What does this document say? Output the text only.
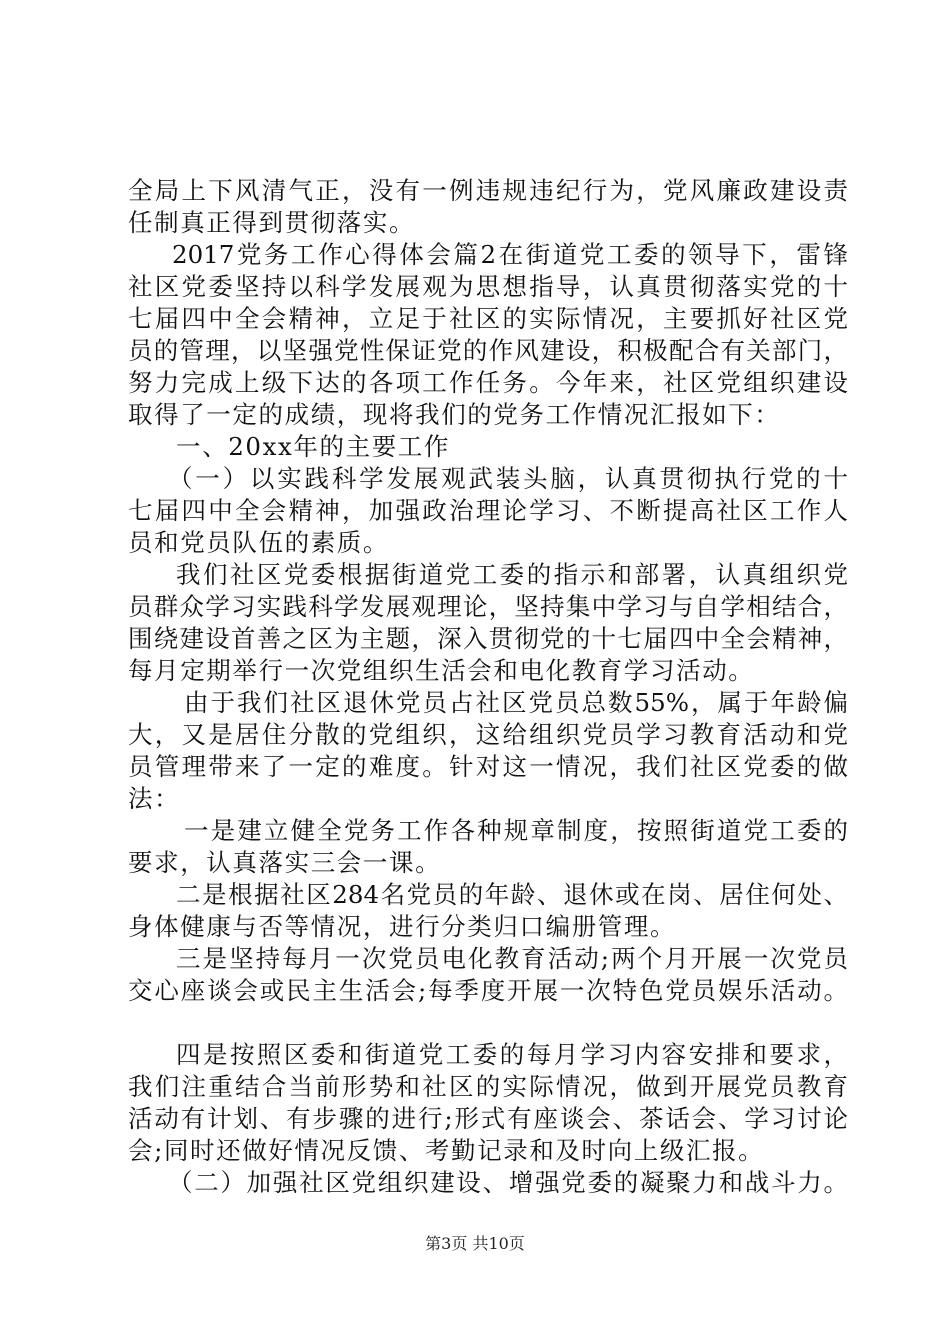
全局上下风清气正，没有一例违规违纪行为，党风廉政建设责
任制真正得到贯彻落实。
2017党务工作心得体会篇2在街道党工委的领导下，雷锋
社区党委坚持以科学发展观为思想指导，认真贯彻落实党的十
七届四中全会精神，立足于社区的实际情况，主要抓好社区党
员的管理，以坚强党性保证党的作风建设，积极配合有关部门，
努力完成上级下达的各项工作任务。今年来，社区党组织建设
取得了一定的成绩，现将我们的党务工作情况汇报如下：
一、20xx年的主要工作
（一）以实践科学发展观武装头脑，认真贯彻执行党的十
七届四中全会精神，加强政治理论学习、不断提高社区工作人
员和党员队伍的素质。
我们社区党委根据街道党工委的指示和部署，认真组织党
员群众学习实践科学发展观理论，坚持集中学习与自学相结合，
围绕建设首善之区为主题，深入贯彻党的十七届四中全会精神，
每月定期举行一次党组织生活会和电化教育学习活动。
由于我们社区退休党员占社区党员总数55%，属于年龄偏
大，又是居住分散的党组织，这给组织党员学习教育活动和党
员管理带来了一定的难度。针对这一情况，我们社区党委的做
法：
一是建立健全党务工作各种规章制度，按照街道党工委的
要求，认真落实三会一课。
二是根据社区284名党员的年龄、退休或在岗、居住何处、
身体健康与否等情况，进行分类归口编册管理。
三是坚持每月一次党员电化教育活动;两个月开展一次党员
交心座谈会或民主生活会;每季度开展一次特色党员娱乐活动。
四是按照区委和街道党工委的每月学习内容安排和要求，
我们注重结合当前形势和社区的实际情况，做到开展党员教育
活动有计划、有步骤的进行;形式有座谈会、茶话会、学习讨论
会;同时还做好情况反馈、考勤记录和及时向上级汇报。
（二）加强社区党组织建设、增强党委的凝聚力和战斗力。
第3页 共10页
